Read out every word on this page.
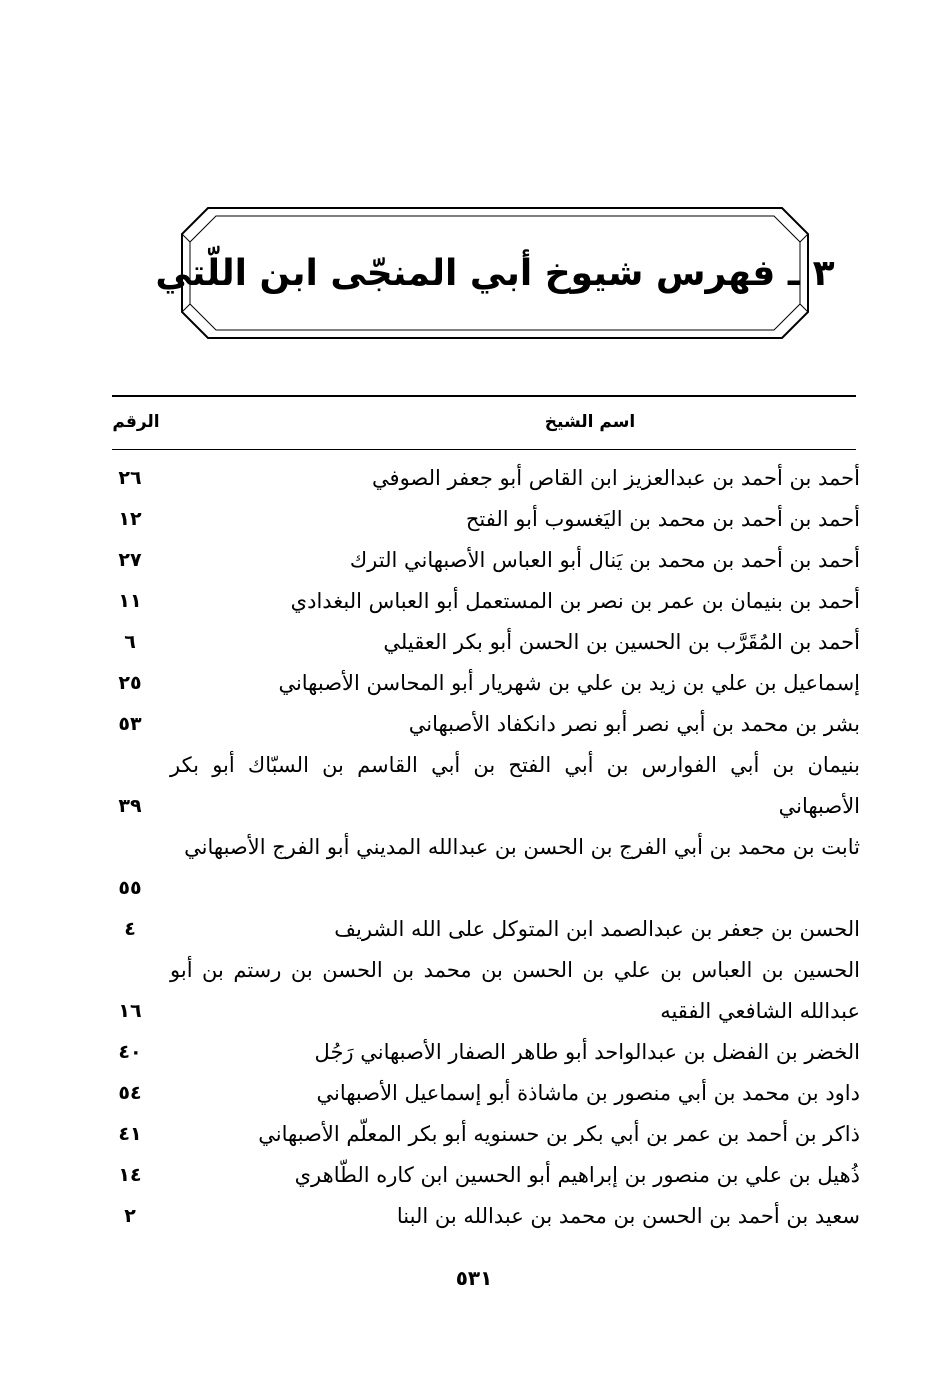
٣ ـ فهرس شيوخ أبي المنجّى ابن اللّتي
الرقم	اسم الشيخ
أحمد بن أحمد بن عبدالعزيز ابن القاص أبو جعفر الصوفي
٢٦
أحمد بن أحمد بن محمد بن اليَغسوب أبو الفتح
١٢
أحمد بن أحمد بن محمد بن يَنال أبو العباس الأصبهاني الترك
٢٧
أحمد بن بنيمان بن عمر بن نصر بن المستعمل أبو العباس البغدادي
١١
أحمد بن المُقَرَّب بن الحسين بن الحسن أبو بكر العقيلي
٦
إسماعيل بن علي بن زيد بن علي بن شهريار أبو المحاسن الأصبهاني
٢٥
بشر بن محمد بن أبي نصر أبو نصر دانكفاد الأصبهاني
٥٣
بنيمان بن أبي الفوارس بن أبي الفتح بن أبي القاسم بن السبّاك أبو بكر الأصبهاني
٣٩
ثابت بن محمد بن أبي الفرج بن الحسن بن عبدالله المديني أبو الفرج الأصبهاني
٥٥
الحسن بن جعفر بن عبدالصمد ابن المتوكل على الله الشريف
٤
الحسين بن العباس بن علي بن الحسن بن محمد بن الحسن بن رستم بن أبو عبدالله الشافعي الفقيه
١٦
الخضر بن الفضل بن عبدالواحد أبو طاهر الصفار الأصبهاني رَجُل
٤٠
داود بن محمد بن أبي منصور بن ماشاذة أبو إسماعيل الأصبهاني
٥٤
ذاكر بن أحمد بن عمر بن أبي بكر بن حسنويه أبو بكر المعلّم الأصبهاني
٤١
ذُهيل بن علي بن منصور بن إبراهيم أبو الحسين ابن كاره الطّاهري
١٤
سعيد بن أحمد بن الحسن بن محمد بن عبدالله بن البنا
٢
٥٣١
